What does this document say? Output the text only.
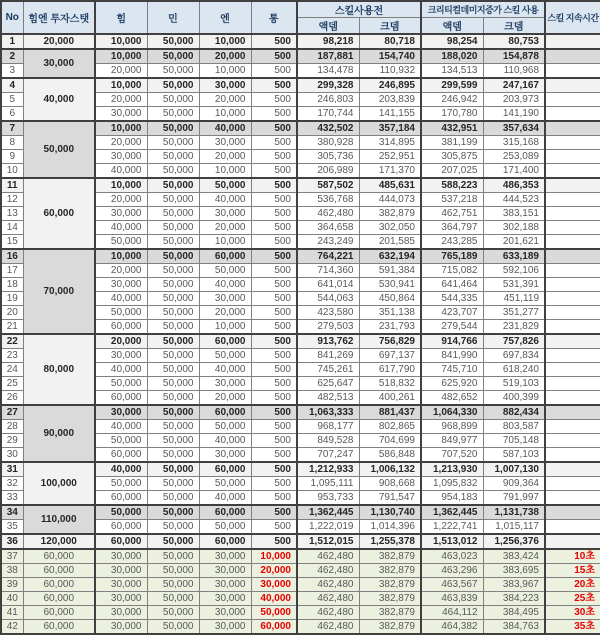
No	힘엔 투자스탯	힘	민	엔	통	스킬사용전		크리티컬데미지증가 스킬 사용		스킬 지속시간
						액뎀	크뎀	액뎀	크뎀	
1	20,000	10,000	50,000	10,000	500	98,218	80,718	98,254	80,753	
2	30,000	10,000	50,000	20,000	500	187,881	154,740	188,020	154,878	
3		20,000	50,000	10,000	500	134,478	110,932	134,513	110,968	
4	40,000	10,000	50,000	30,000	500	299,328	246,895	299,599	247,167	
5		20,000	50,000	20,000	500	246,803	203,839	246,942	203,973	
6		30,000	50,000	10,000	500	170,744	141,155	170,780	141,190	
7	50,000	10,000	50,000	40,000	500	432,502	357,184	432,951	357,634	
8		20,000	50,000	30,000	500	380,928	314,895	381,199	315,168	
9		30,000	50,000	20,000	500	305,736	252,951	305,875	253,089	
10		40,000	50,000	10,000	500	206,989	171,370	207,025	171,400	
11	60,000	10,000	50,000	50,000	500	587,502	485,631	588,223	486,353	
12		20,000	50,000	40,000	500	536,768	444,073	537,218	444,523	
13		30,000	50,000	30,000	500	462,480	382,879	462,751	383,151	
14		40,000	50,000	20,000	500	364,658	302,050	364,797	302,188	
15		50,000	50,000	10,000	500	243,249	201,585	243,285	201,621	
16	70,000	10,000	50,000	60,000	500	764,221	632,194	765,189	633,189	
17		20,000	50,000	50,000	500	714,360	591,384	715,082	592,106	
18		30,000	50,000	40,000	500	641,014	530,941	641,464	531,391	
19		40,000	50,000	30,000	500	544,063	450,864	544,335	451,119	
20		50,000	50,000	20,000	500	423,580	351,138	423,707	351,277	
21		60,000	50,000	10,000	500	279,503	231,793	279,544	231,829	
22	80,000	20,000	50,000	60,000	500	913,762	756,829	914,766	757,826	
23		30,000	50,000	50,000	500	841,269	697,137	841,990	697,834	
24		40,000	50,000	40,000	500	745,261	617,790	745,710	618,240	
25		50,000	50,000	30,000	500	625,647	518,832	625,920	519,103	
26		60,000	50,000	20,000	500	482,513	400,261	482,652	400,399	
27	90,000	30,000	50,000	60,000	500	1,063,333	881,437	1,064,330	882,434	
28		40,000	50,000	50,000	500	968,177	802,865	968,899	803,587	
29		50,000	50,000	40,000	500	849,528	704,699	849,977	705,148	
30		60,000	50,000	30,000	500	707,247	586,848	707,520	587,103	
31	100,000	40,000	50,000	60,000	500	1,212,933	1,006,132	1,213,930	1,007,130	
32		50,000	50,000	50,000	500	1,095,111	908,668	1,095,832	909,364	
33		60,000	50,000	40,000	500	953,733	791,547	954,183	791,997	
34	110,000	50,000	50,000	60,000	500	1,362,445	1,130,740	1,362,445	1,131,738	
35		60,000	50,000	50,000	500	1,222,019	1,014,396	1,222,741	1,015,117	
36	120,000	60,000	50,000	60,000	500	1,512,015	1,255,378	1,513,012	1,256,376	
37	60,000	30,000	50,000	30,000	10,000	462,480	382,879	463,023	383,424	10초
38	60,000	30,000	50,000	30,000	20,000	462,480	382,879	463,296	383,695	15초
39	60,000	30,000	50,000	30,000	30,000	462,480	382,879	463,567	383,967	20초
40	60,000	30,000	50,000	30,000	40,000	462,480	382,879	463,839	384,223	25초
41	60,000	30,000	50,000	30,000	50,000	462,480	382,879	464,112	384,495	30초
42	60,000	30,000	50,000	30,000	60,000	462,480	382,879	464,382	384,763	35초
